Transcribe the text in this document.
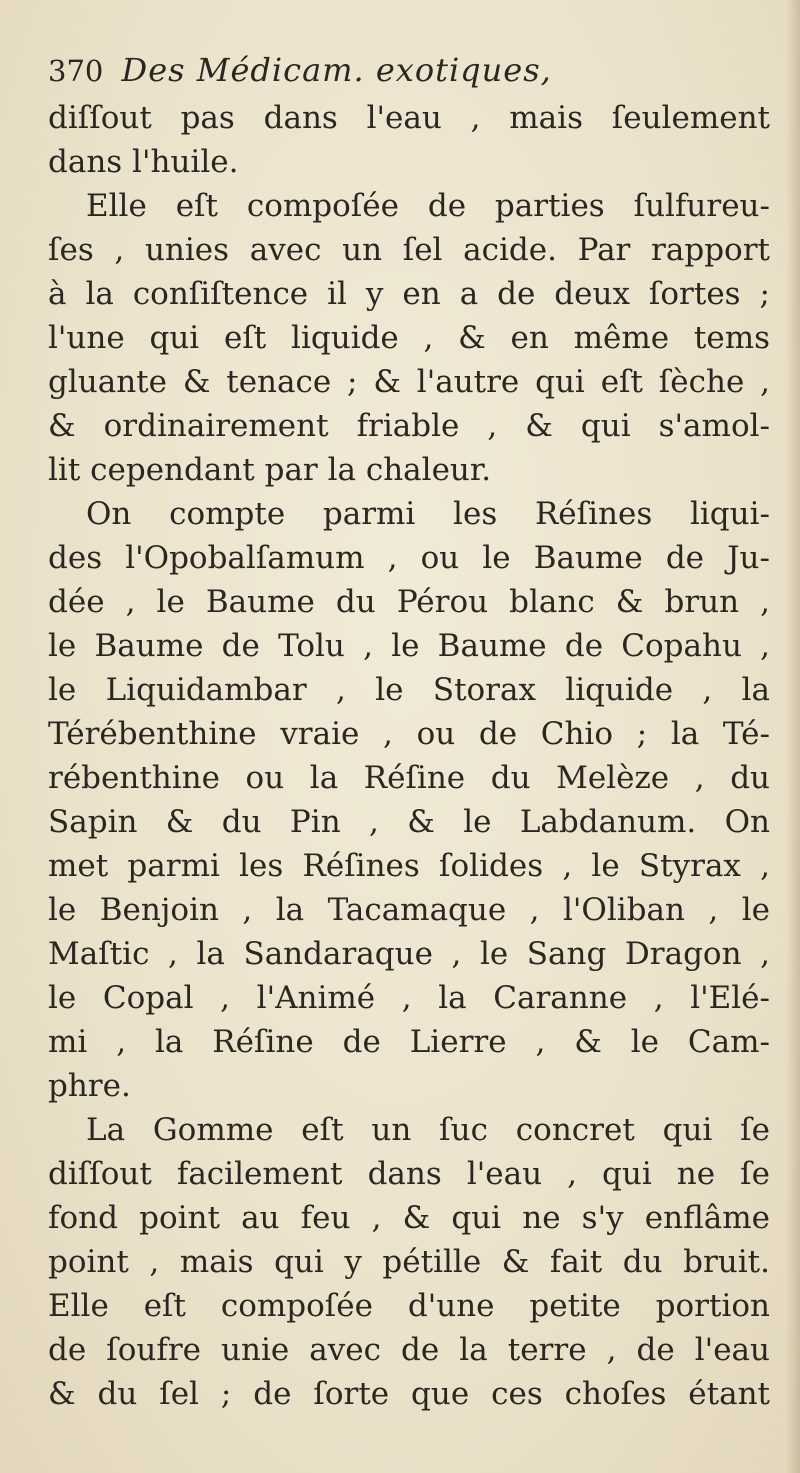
370 Des Médicam. exotiques,
diſſout pas dans l'eau , mais ſeulement
dans l'huile.
Elle eſt compoſée de parties ſulfureu-
ſes , unies avec un ſel acide. Par rapport
à la conſiſtence il y en a de deux ſortes ;
l'une qui eſt liquide , & en même tems
gluante & tenace ; & l'autre qui eſt ſèche ,
& ordinairement friable , & qui s'amol-
lit cependant par la chaleur.
On compte parmi les Réſines liqui-
des l'Opobalſamum , ou le Baume de Ju-
dée , le Baume du Pérou blanc & brun ,
le Baume de Tolu , le Baume de Copahu ,
le Liquidambar , le Storax liquide , la
Térébenthine vraie , ou de Chio ; la Té-
rébenthine ou la Réſine du Melèze , du
Sapin & du Pin , & le Labdanum. On
met parmi les Réſines ſolides , le Styrax ,
le Benjoin , la Tacamaque , l'Oliban , le
Maſtic , la Sandaraque , le Sang Dragon ,
le Copal , l'Animé , la Caranne , l'Elé-
mi , la Réſine de Lierre , & le Cam-
phre.
La Gomme eſt un ſuc concret qui ſe
diſſout facilement dans l'eau , qui ne ſe
fond point au feu , & qui ne s'y enflâme
point , mais qui y pétille & fait du bruit.
Elle eſt compoſée d'une petite portion
de ſoufre unie avec de la terre , de l'eau
& du ſel ; de ſorte que ces choſes étant
